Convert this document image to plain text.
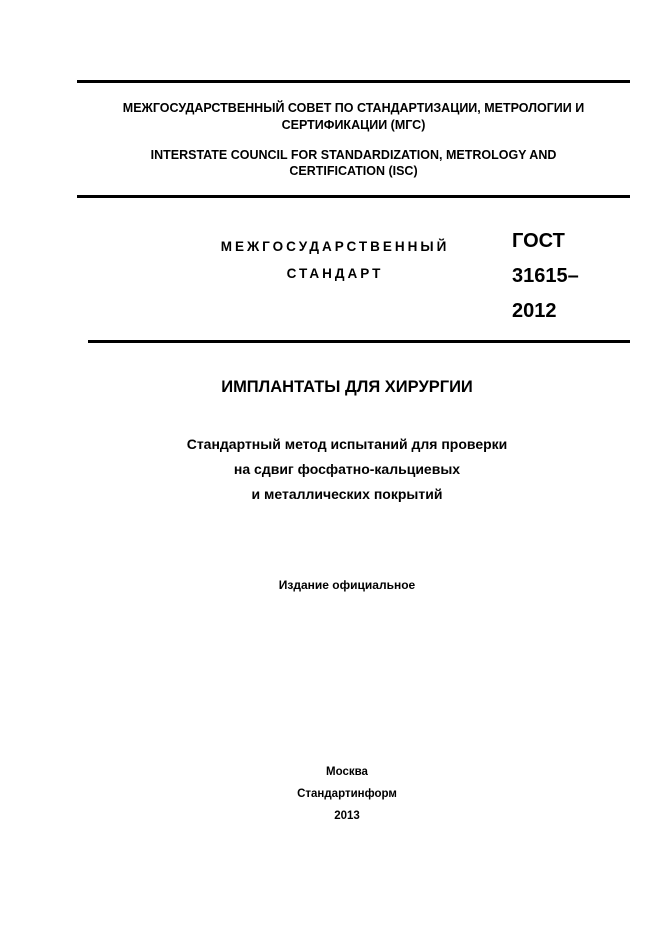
МЕЖГОСУДАРСТВЕННЫЙ СОВЕТ ПО СТАНДАРТИЗАЦИИ, МЕТРОЛОГИИ И
СЕРТИФИКАЦИИ (МГС)
INTERSTATE COUNCIL FOR STANDARDIZATION, METROLOGY AND
CERTIFICATION (ISC)
МЕЖГОСУДАРСТВЕННЫЙ
СТАНДАРТ
ГОСТ
31615–
2012
ИМПЛАНТАТЫ ДЛЯ ХИРУРГИИ
Стандартный метод испытаний для проверки
на сдвиг фосфатно-кальциевых
и металлических покрытий
Издание официальное
Москва
Стандартинформ
2013
